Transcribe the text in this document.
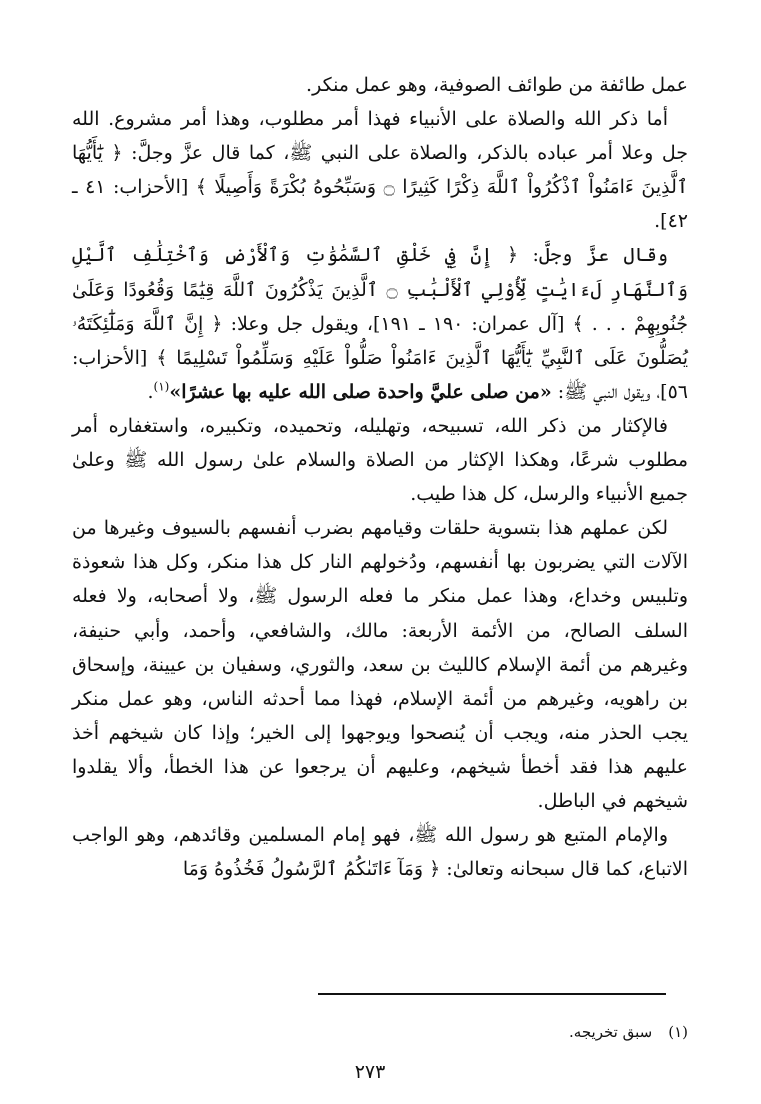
عمل طائفة من طوائف الصوفية، وهو عمل منكر.

أما ذكر الله والصلاة على الأنبياء فهذا أمر مطلوب، وهذا أمر مشروع. الله جل وعلا أمر عباده بالذكر، والصلاة على النبي ﷺ، كما قال عزَّ وجلَّ: ﴿ يَٰٓأَيُّهَا ٱلَّذِينَ ءَامَنُواْ ٱذْكُرُواْ ٱللَّهَ ذِكْرًا كَثِيرًا ۝ وَسَبِّحُوهُ بُكْرَةً وَأَصِيلًا ﴾ [الأحزاب: ٤١ ـ ٤٢].

وقال عزَّ وجلَّ: ﴿ إِنَّ فِي خَلْقِ ٱلسَّمَٰوَٰتِ وَٱلْأَرْضِ وَٱخْتِلَٰفِ ٱلَّيْلِ وَٱلنَّهَارِ لَءَايَٰتٍ لِّأُوْلِي ٱلْأَلْبَٰبِ ۝ ٱلَّذِينَ يَذْكُرُونَ ٱللَّهَ قِيَٰمًا وَقُعُودًا وَعَلَىٰ جُنُوبِهِمْ . . . ﴾ [آل عمران: ١٩٠ ـ ١٩١]، ويقول جل وعلا: ﴿ إِنَّ ٱللَّهَ وَمَلَٰٓئِكَتَهُۥ يُصَلُّونَ عَلَى ٱلنَّبِيِّ يَٰٓأَيُّهَا ٱلَّذِينَ ءَامَنُواْ صَلُّواْ عَلَيْهِ وَسَلِّمُواْ تَسْلِيمًا ﴾ [الأحزاب: ٥٦]، ويقول النبي ﷺ: «من صلى عليَّ واحدة صلى الله عليه بها عشرًا»$^{(١)}$.

فالإكثار من ذكر الله، تسبيحه، وتهليله، وتحميده، وتكبيره، واستغفاره أمر مطلوب شرعًا، وهكذا الإكثار من الصلاة والسلام علىٰ رسول الله ﷺ وعلىٰ جميع الأنبياء والرسل، كل هذا طيب.

لكن عملهم هذا بتسوية حلقات وقيامهم بضرب أنفسهم بالسيوف وغيرها من الآلات التي يضربون بها أنفسهم، ودُخولهم النار كل هذا منكر، وكل هذا شعوذة وتلبيس وخداع، وهذا عمل منكر ما فعله الرسول ﷺ، ولا أصحابه، ولا فعله السلف الصالح، من الأئمة الأربعة: مالك، والشافعي، وأحمد، وأبي حنيفة، وغيرهم من أئمة الإسلام كالليث بن سعد، والثوري، وسفيان بن عيينة، وإسحاق بن راهويه، وغيرهم من أئمة الإسلام، فهذا مما أحدثه الناس، وهو عمل منكر يجب الحذر منه، ويجب أن يُنصحوا ويوجهوا إلى الخير؛ وإذا كان شيخهم أخذ عليهم هذا فقد أخطأ شيخهم، وعليهم أن يرجعوا عن هذا الخطأ، وألا يقلدوا شيخهم في الباطل.

والإمام المتبع هو رسول الله ﷺ، فهو إمام المسلمين وقائدهم، وهو الواجب الاتباع، كما قال سبحانه وتعالىٰ: ﴿ وَمَآ ءَاتَىٰكُمُ ٱلرَّسُولُ فَخُذُوهُ وَمَا

(١)سبق تخريجه.
٢٧٣
